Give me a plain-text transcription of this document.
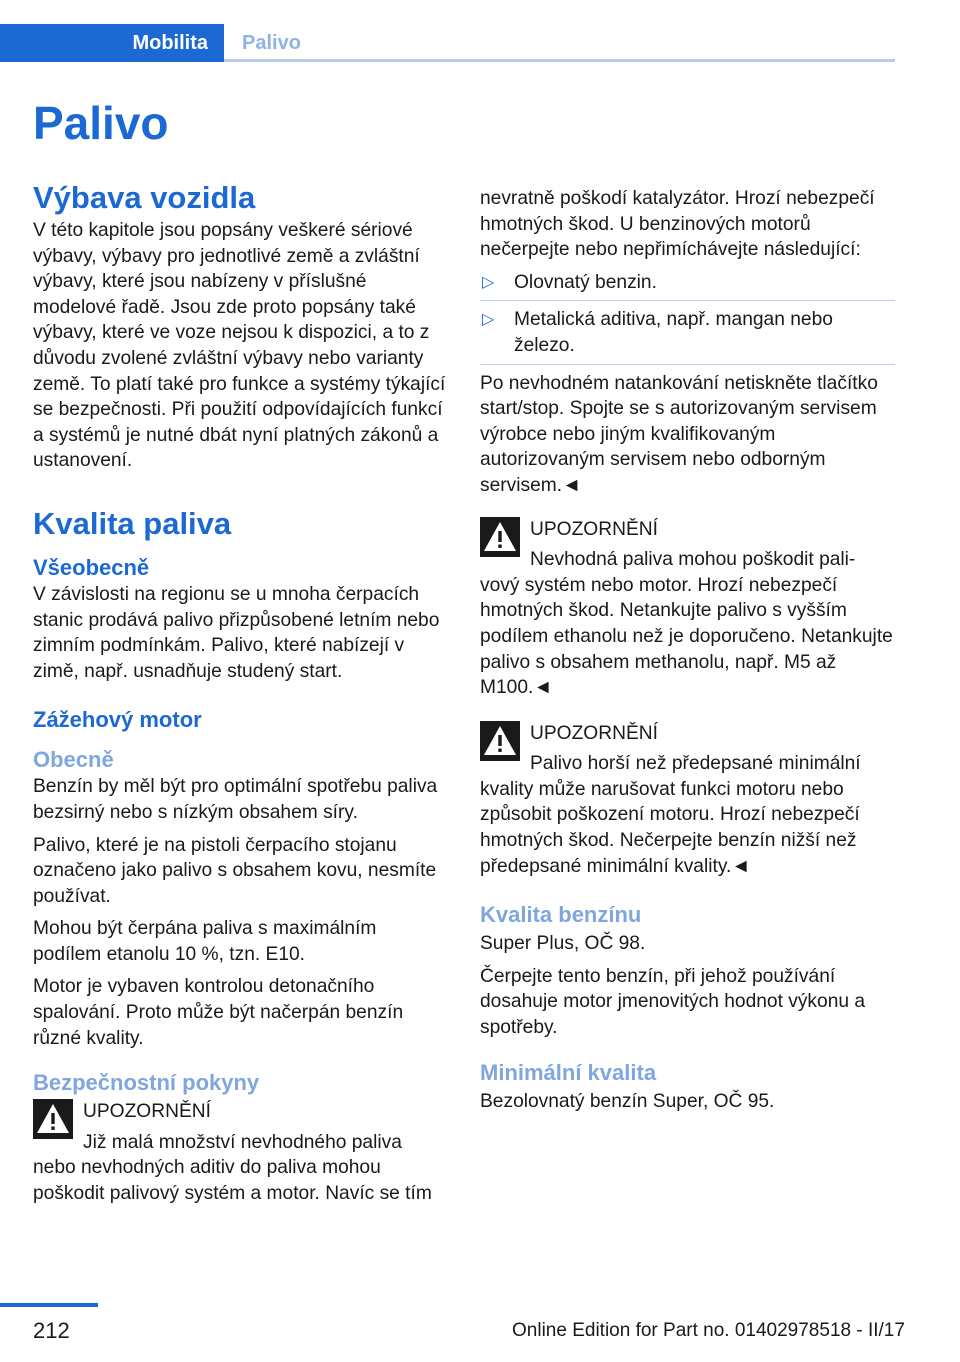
Mobilita	Palivo
Palivo
Výbava vozidla
V této kapitole jsou popsány veškeré sériové výbavy, výbavy pro jednotlivé země a zvláštní výbavy, které jsou nabízeny v příslušné modelové řadě. Jsou zde proto popsány také výbavy, které ve voze nejsou k dispozici, a to z důvodu zvolené zvláštní výbavy nebo varianty země. To platí také pro funkce a systémy týkající se bezpečnosti. Při použití odpovídajících funkcí a systémů je nutné dbát nyní platných zákonů a ustanovení.
Kvalita paliva
Všeobecně
V závislosti na regionu se u mnoha čerpacích stanic prodává palivo přizpůsobené letním nebo zimním podmínkám. Palivo, které nabízejí v zimě, např. usnadňuje studený start.
Zážehový motor
Obecně
Benzín by měl být pro optimální spotřebu paliva bezsirný nebo s nízkým obsahem síry.
Palivo, které je na pistoli čerpacího stojanu označeno jako palivo s obsahem kovu, nesmíte používat.
Mohou být čerpána paliva s maximálním podílem etanolu 10 %, tzn. E10.
Motor je vybaven kontrolou detonačního spalování. Proto může být načerpán benzín různé kvality.
Bezpečnostní pokyny
UPOZORNĚNÍ
Již malá množství nevhodného paliva
nebo nevhodných aditiv do paliva mohou poškodit palivový systém a motor. Navíc se tím
nevratně poškodí katalyzátor. Hrozí nebezpečí hmotných škod. U benzinových motorů nečerpejte nebo nepřimíchávejte následující:
▷ Olovnatý benzin.
▷ Metalická aditiva, např. mangan nebo železo.
Po nevhodném natankování netiskněte tlačítko start/stop. Spojte se s autorizovaným servisem výrobce nebo jiným kvalifikovaným autorizovaným servisem nebo odborným servisem.◄
UPOZORNĚNÍ
Nevhodná paliva mohou poškodit pali-
vový systém nebo motor. Hrozí nebezpečí hmotných škod. Netankujte palivo s vyšším podílem ethanolu než je doporučeno. Netankujte palivo s obsahem methanolu, např. M5 až M100.◄
UPOZORNĚNÍ
Palivo horší než předepsané minimální
kvality může narušovat funkci motoru nebo způsobit poškození motoru. Hrozí nebezpečí hmotných škod. Nečerpejte benzín nižší než předepsané minimální kvality.◄
Kvalita benzínu
Super Plus, OČ 98.
Čerpejte tento benzín, při jehož používání dosahuje motor jmenovitých hodnot výkonu a spotřeby.
Minimální kvalita
Bezolovnatý benzín Super, OČ 95.
212	Online Edition for Part no. 01402978518 - II/17
